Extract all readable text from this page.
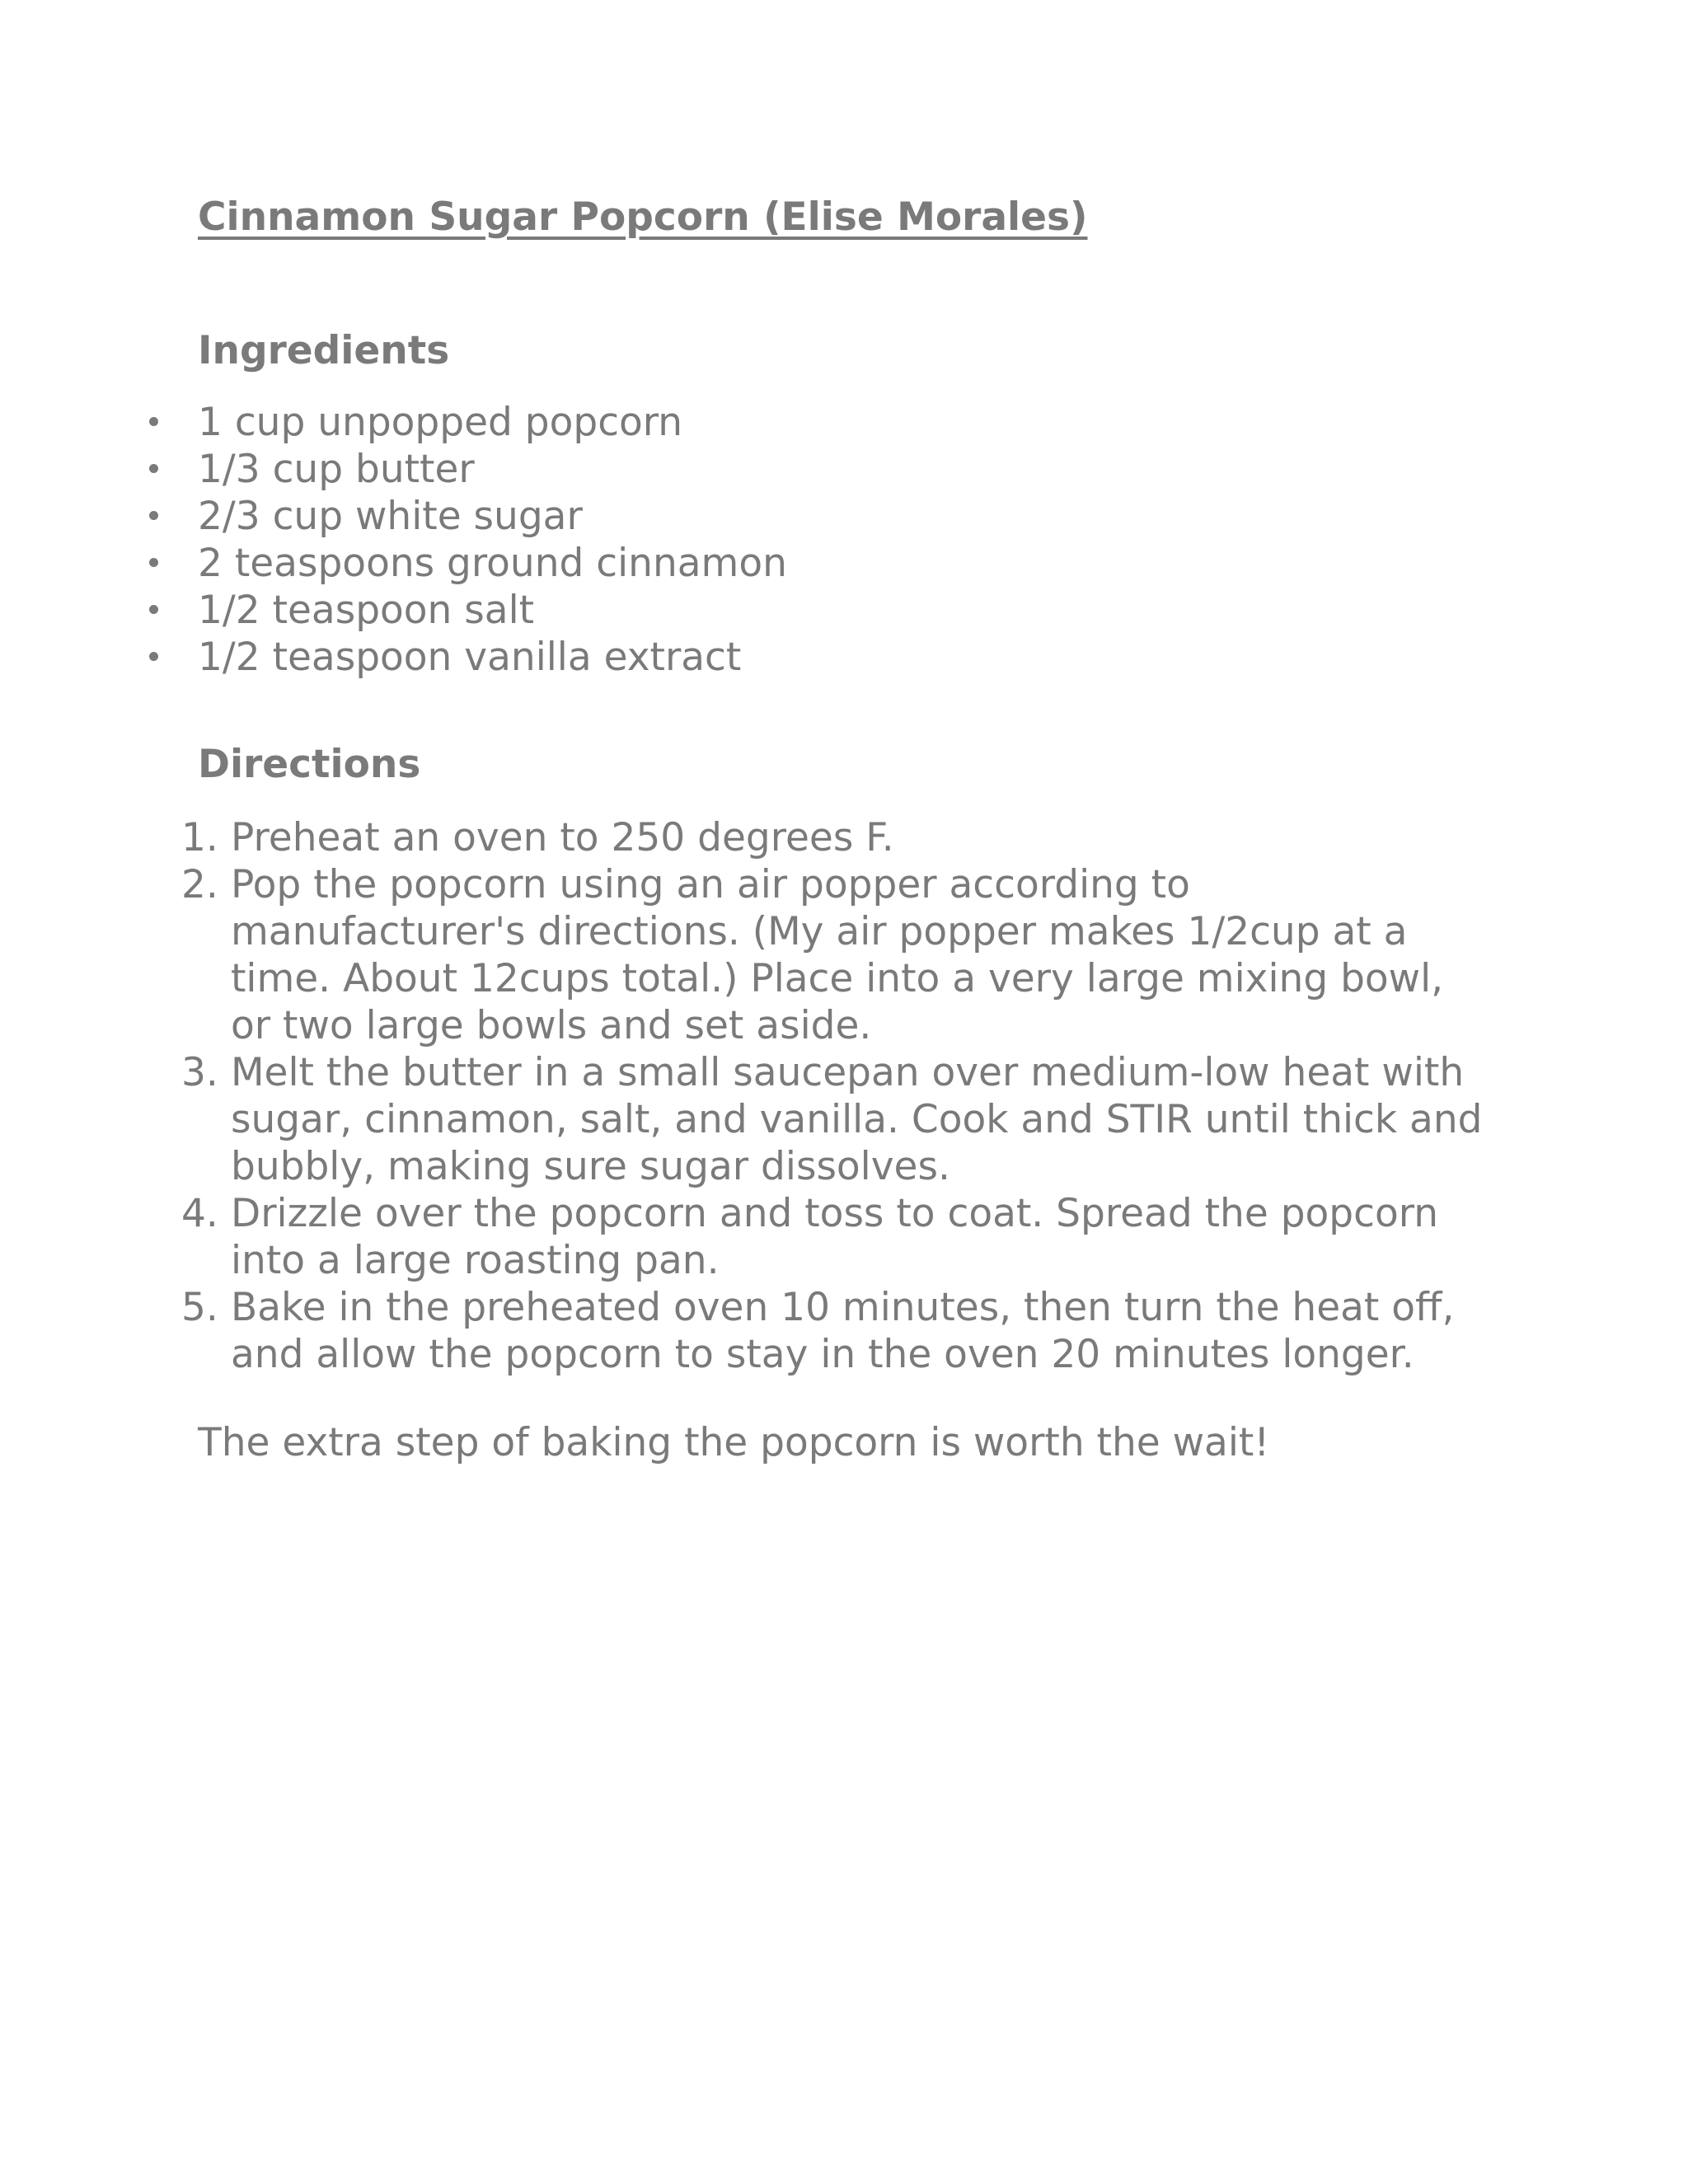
Cinnamon Sugar Popcorn (Elise Morales)
Ingredients
1 cup unpopped popcorn
1/3 cup butter
2/3 cup white sugar
2 teaspoons ground cinnamon
1/2 teaspoon salt
1/2 teaspoon vanilla extract
Directions
1. Preheat an oven to 250 degrees F.
2. Pop the popcorn using an air popper according to manufacturer's directions. (My air popper makes 1/2cup at a time. About 12cups total.) Place into a very large mixing bowl, or two large bowls and set aside.
3. Melt the butter in a small saucepan over medium-low heat with sugar, cinnamon, salt, and vanilla. Cook and STIR until thick and bubbly, making sure sugar dissolves.
4. Drizzle over the popcorn and toss to coat. Spread the popcorn into a large roasting pan.
5. Bake in the preheated oven 10 minutes, then turn the heat off, and allow the popcorn to stay in the oven 20 minutes longer.

The extra step of baking the popcorn is worth the wait!
